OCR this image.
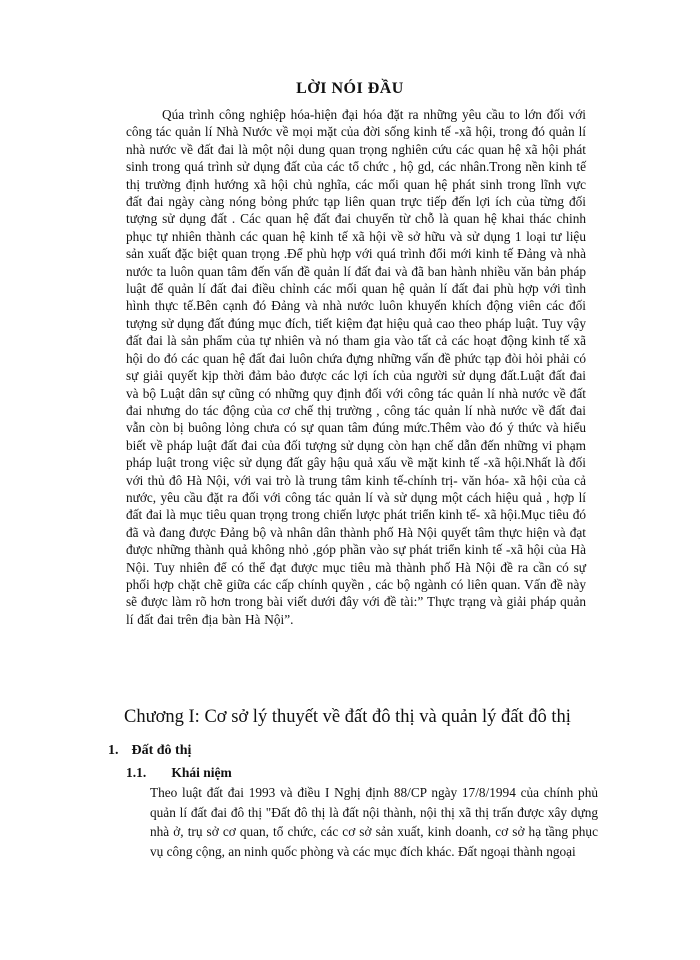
LỜI NÓI ĐẦU

Qúa trình công nghiệp hóa-hiện đại hóa đặt ra những yêu cầu to lớn đối với công tác quản lí Nhà Nước về mọi mặt của đời sống kinh tế -xã hội, trong đó quản lí nhà nước về đất đai là một nội dung quan trọng nghiên cứu các quan hệ xã hội phát sinh trong quá trình sử dụng đất của các tổ chức , hộ gd, các nhân.Trong nền kinh tế thị trường định hướng xã hội chủ nghĩa, các mối quan hệ phát sinh trong lĩnh vực đất đai ngày càng nóng bỏng phức tạp liên quan trực tiếp đến lợi ích của từng đối tượng sử dụng đất . Các quan hệ đất đai chuyển từ chỗ là quan hệ khai thác chinh phục tự nhiên thành các quan hệ kinh tế xã hội về sở hữu và sử dụng 1 loại tư liệu sản xuất đặc biệt quan trọng .Để phù hợp với quá trình đổi mới kinh tế Đảng và nhà nước ta luôn quan tâm đến vấn đề quản lí đất đai và đã ban hành nhiều văn bản pháp luật để quản lí đất đai điều chỉnh các mối quan hệ quản lí đất đai phù hợp với tình hình thực tế.Bên cạnh đó Đảng và nhà nước luôn khuyến khích động viên các đối tượng sử dụng đất đúng mục đích, tiết kiệm đạt hiệu quả cao theo pháp luật. Tuy vậy đất đai là sản phẩm của tự nhiên và nó tham gia vào tất cả các hoạt động kinh tế xã hội do đó các quan hệ đất đai luôn chứa đựng những vấn đề phức tạp đòi hỏi phải có sự giải quyết kịp thời đảm bảo được các lợi ích của người sử dụng đất.Luật đất đai và bộ Luật dân sự cũng có những quy định đối với công tác quản lí nhà nước về đất đai nhưng do tác động của cơ chế thị trường , công tác quản lí nhà nước về đất đai vẫn còn bị buông lỏng chưa có sự quan tâm đúng mức.Thêm vào đó ý thức và hiểu biết về pháp luật đất đai của đối tượng sử dụng còn hạn chế dẫn đến những vi phạm pháp luật trong việc sử dụng đất gây hậu quả xấu về mặt kinh tế -xã hội.Nhất là đối với thủ đô Hà Nội, với vai trò là trung tâm kinh tế-chính trị- văn hóa- xã hội của cả nước, yêu cầu đặt ra đối với công tác quản lí và sử dụng một cách hiệu quả , hợp lí đất đai là mục tiêu quan trọng trong chiến lược phát triển kinh tế- xã hội.Mục tiêu đó đã và đang được Đảng bộ và nhân dân thành phố Hà Nội quyết tâm thực hiện và đạt được những thành quả không nhỏ ,góp phần vào sự phát triển kinh tế -xã hội của Hà Nội. Tuy nhiên để có thể đạt được mục tiêu mà thành phố Hà Nội đề ra cần có sự phối hợp chặt chẽ giữa các cấp chính quyền , các bộ ngành có liên quan. Vấn đề này sẽ được làm rõ hơn trong bài viết dưới đây với đề tài:” Thực trạng và giải pháp quản lí đất đai trên địa bàn Hà Nội”.

Chương I: Cơ sở lý thuyết về đất đô thị và quản lý đất đô thị
1. Đất đô thị
1.1. Khái niệm

Theo luật đất đai 1993 và điều I Nghị định 88/CP ngày 17/8/1994 của chính phủ quản lí đất đai đô thị "Đất đô thị là đất nội thành, nội thị xã thị trấn được xây dựng nhà ở, trụ sở cơ quan, tổ chức, các cơ sở sản xuất, kinh doanh, cơ sở hạ tầng phục vụ công cộng, an ninh quốc phòng và các mục đích khác. Đất ngoại thành ngoại
